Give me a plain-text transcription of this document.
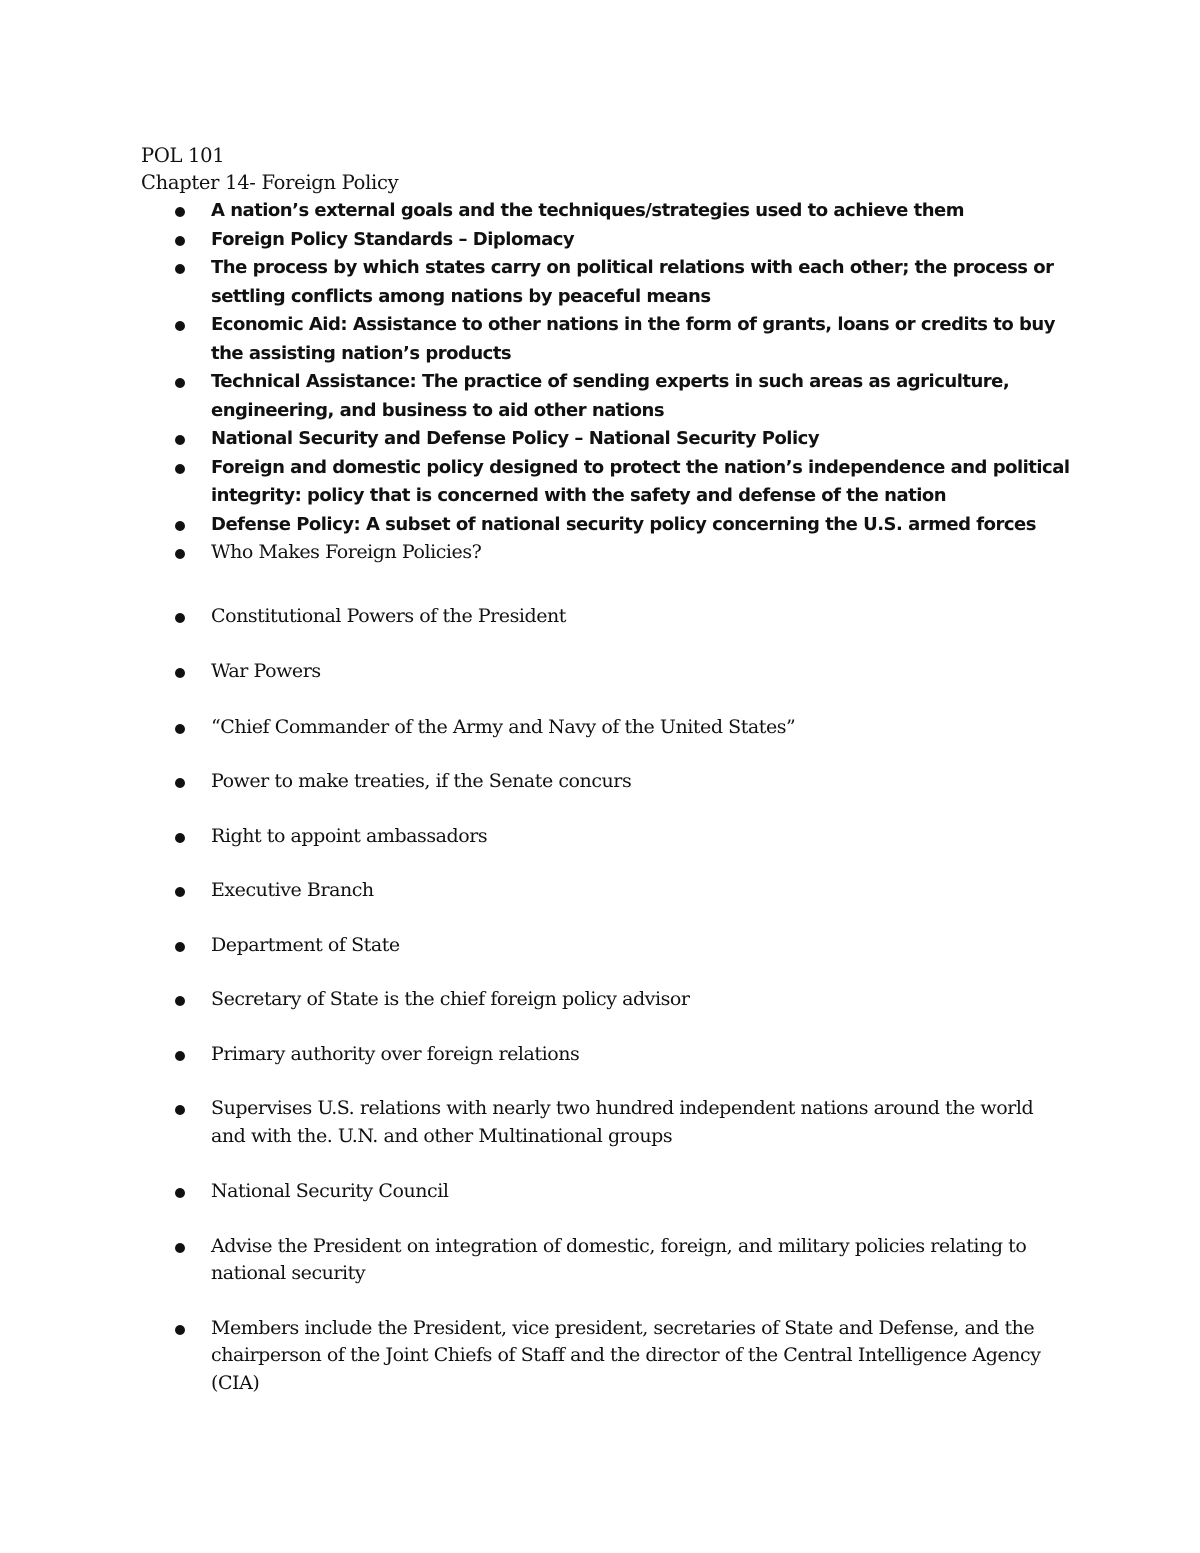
POL 101
Chapter 14- Foreign Policy
A nation’s external goals and the techniques/strategies used to achieve them
Foreign Policy Standards – Diplomacy
The process by which states carry on political relations with each other; the process or settling conflicts among nations by peaceful means
Economic Aid: Assistance to other nations in the form of grants, loans or credits to buy the assisting nation’s products
Technical Assistance: The practice of sending experts in such areas as agriculture, engineering, and business to aid other nations
National Security and Defense Policy – National Security Policy
Foreign and domestic policy designed to protect the nation’s independence and political integrity: policy that is concerned with the safety and defense of the nation
Defense Policy: A subset of national security policy concerning the U.S. armed forces
Who Makes Foreign Policies?
Constitutional Powers of the President
War Powers
“Chief Commander of the Army and Navy of the United States”
Power to make treaties, if the Senate concurs
Right to appoint ambassadors
Executive Branch
Department of State
Secretary of State is the chief foreign policy advisor
Primary authority over foreign relations
Supervises U.S. relations with nearly two hundred independent nations around the world and with the. U.N. and other Multinational groups
National Security Council
Advise the President on integration of domestic, foreign, and military policies relating to national security
Members include the President, vice president, secretaries of State and Defense, and the chairperson of the Joint Chiefs of Staff and the director of the Central Intelligence Agency (CIA)
